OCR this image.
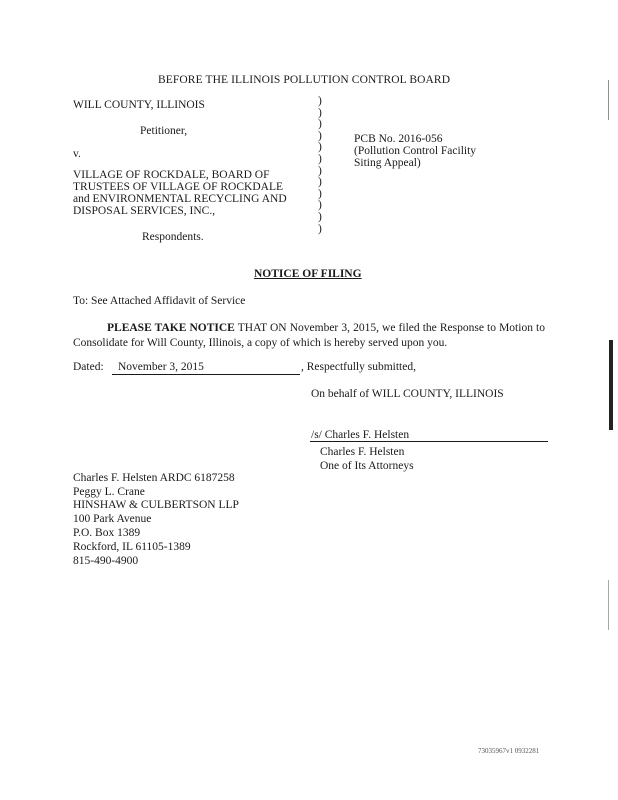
BEFORE THE ILLINOIS POLLUTION CONTROL BOARD
WILL COUNTY, ILLINOIS
Petitioner,
v.
VILLAGE OF ROCKDALE, BOARD OF
TRUSTEES OF VILLAGE OF ROCKDALE
and ENVIRONMENTAL RECYCLING AND
DISPOSAL SERVICES, INC.,
Respondents.
)
)
)
)
)
)
)
)
)
)
)
)
PCB No. 2016-056
(Pollution Control Facility
Siting Appeal)
NOTICE OF FILING
To: See Attached Affidavit of Service
PLEASE TAKE NOTICE THAT ON November 3, 2015, we filed the Response to Motion to Consolidate for Will County, Illinois, a copy of which is hereby served upon you.
Dated:	November 3, 2015	, Respectfully submitted,
On behalf of WILL COUNTY, ILLINOIS
/s/ Charles F. Helsten
Charles F. Helsten
One of Its Attorneys
Charles F. Helsten ARDC 6187258
Peggy L. Crane
HINSHAW & CULBERTSON LLP
100 Park Avenue
P.O. Box 1389
Rockford, IL 61105-1389
815-490-4900
73035967v1 0932281
